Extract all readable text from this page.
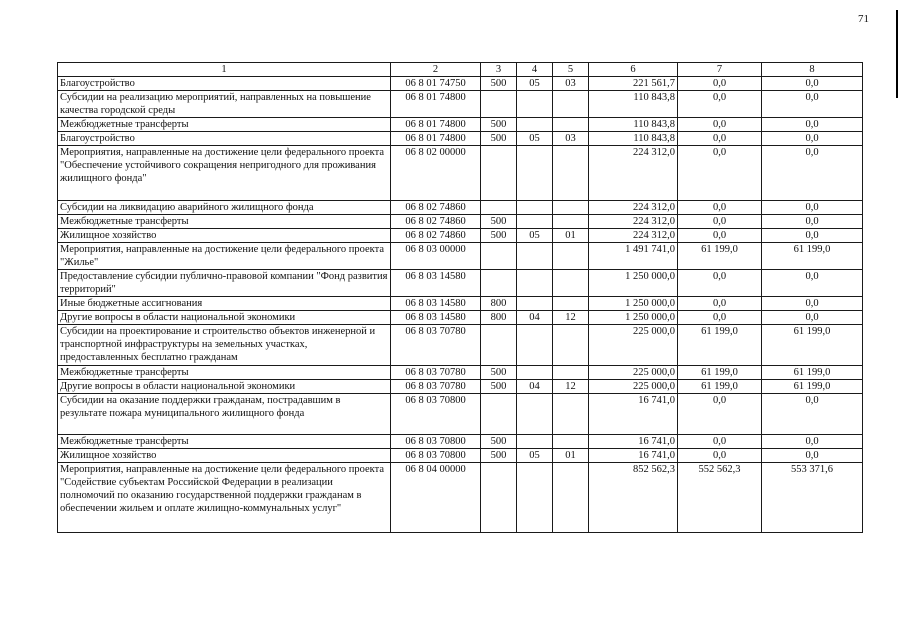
71
1	2	3	4	5	6	7	8
Благоустройство	06 8 01 74750	500	05	03	221 561,7	0,0	0,0
Субсидии на реализацию мероприятий, направленных на повышение качества городской среды	06 8 01 74800				110 843,8	0,0	0,0
Межбюджетные трансферты	06 8 01 74800	500			110 843,8	0,0	0,0
Благоустройство	06 8 01 74800	500	05	03	110 843,8	0,0	0,0
Мероприятия, направленные на достижение цели федерального проекта "Обеспечение устойчивого сокращения непригодного для проживания жилищного фонда"	06 8 02 00000				224 312,0	0,0	0,0
Субсидии на ликвидацию аварийного жилищного фонда	06 8 02 74860				224 312,0	0,0	0,0
Межбюджетные трансферты	06 8 02 74860	500			224 312,0	0,0	0,0
Жилищное хозяйство	06 8 02 74860	500	05	01	224 312,0	0,0	0,0
Мероприятия, направленные на достижение цели федерального проекта "Жилье"	06 8 03 00000				1 491 741,0	61 199,0	61 199,0
Предоставление субсидии публично-правовой компании "Фонд развития территорий"	06 8 03 14580				1 250 000,0	0,0	0,0
Иные бюджетные ассигнования	06 8 03 14580	800			1 250 000,0	0,0	0,0
Другие вопросы в области национальной экономики	06 8 03 14580	800	04	12	1 250 000,0	0,0	0,0
Субсидии на проектирование и строительство объектов инженерной и транспортной инфраструктуры на земельных участках, предоставленных бесплатно гражданам	06 8 03 70780				225 000,0	61 199,0	61 199,0
Межбюджетные трансферты	06 8 03 70780	500			225 000,0	61 199,0	61 199,0
Другие вопросы в области национальной экономики	06 8 03 70780	500	04	12	225 000,0	61 199,0	61 199,0
Субсидии на оказание поддержки гражданам, пострадавшим в результате пожара муниципального жилищного фонда	06 8 03 70800				16 741,0	0,0	0,0
Межбюджетные трансферты	06 8 03 70800	500			16 741,0	0,0	0,0
Жилищное хозяйство	06 8 03 70800	500	05	01	16 741,0	0,0	0,0
Мероприятия, направленные на достижение цели федерального проекта "Содействие субъектам Российской Федерации в реализации полномочий по оказанию государственной поддержки гражданам в обеспечении жильем и оплате жилищно-коммунальных услуг"	06 8 04 00000				852 562,3	552 562,3	553 371,6
